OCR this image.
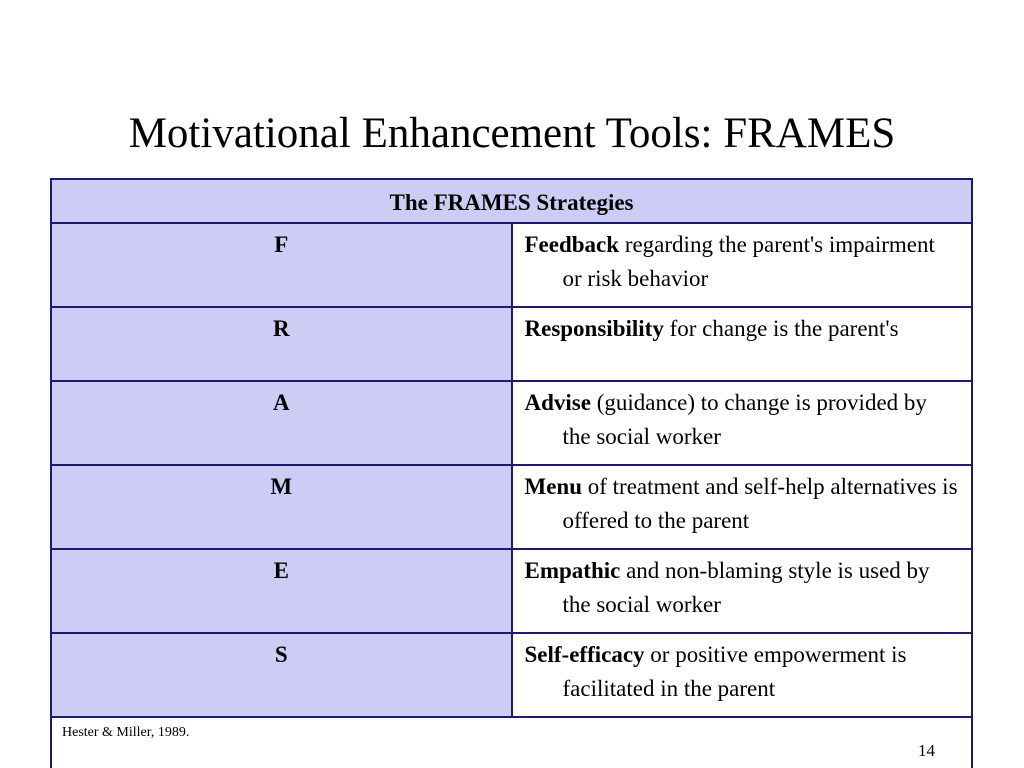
Motivational Enhancement Tools: FRAMES
The FRAMES Strategies	
F	Feedback regarding the parent's impairment or risk behavior

R	Responsibility for change is the parent's

A	Advise (guidance) to change is provided by the social worker

M	Menu of treatment and self-help alternatives is offered to the parent

E	Empathic and non-blaming style is used by the social worker

S	Self-efficacy or positive empowerment is facilitated in the parent

Hester & Miller, 1989.
14	
